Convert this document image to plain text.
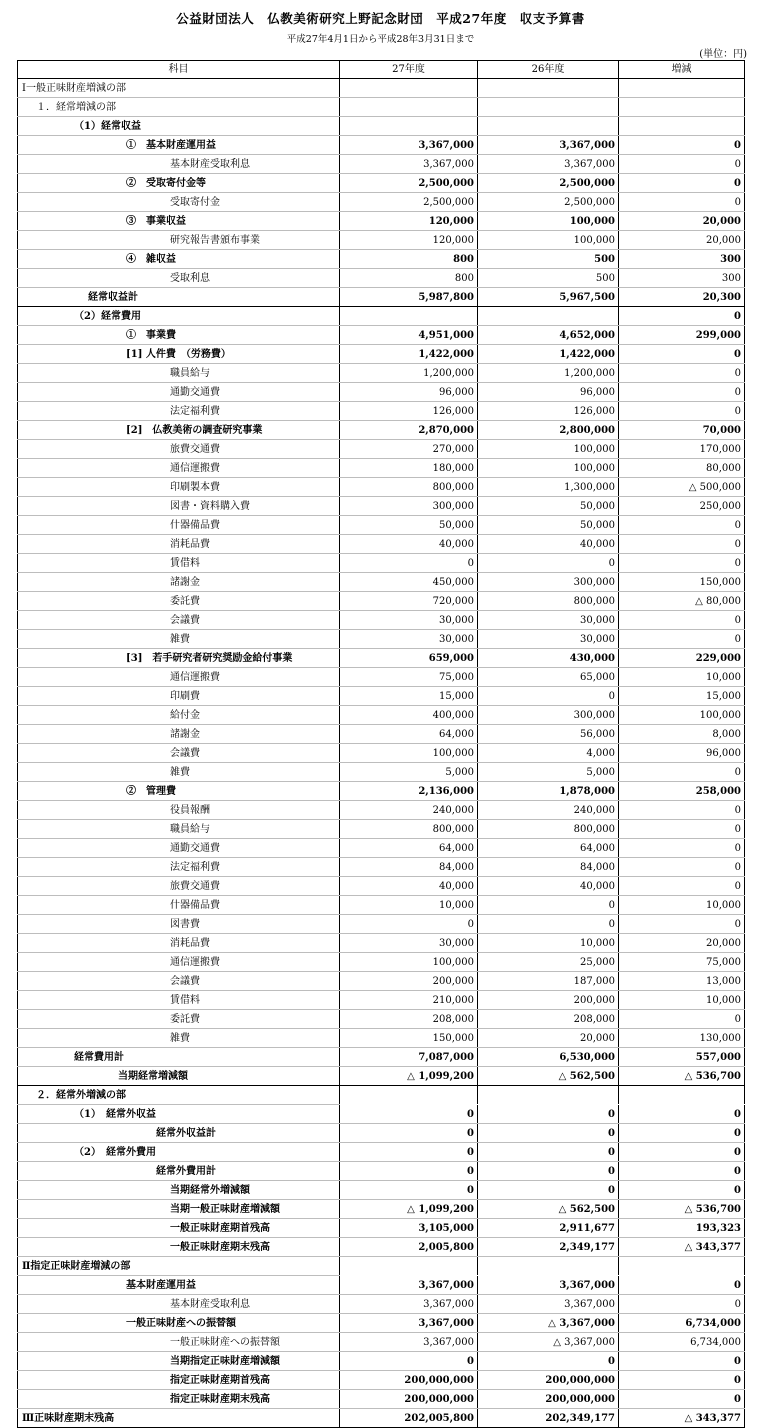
公益財団法人　仏教美術研究上野記念財団　平成27年度　収支予算書
平成27年4月1日から平成28年3月31日まで
(単位：円)
科目	27年度	26年度	増減
Ⅰ一般正味財産増減の部			
１．経常増減の部			
（1）経常収益			
①　基本財産運用益	3,367,000	3,367,000	0
基本財産受取利息	3,367,000	3,367,000	0
②　受取寄付金等	2,500,000	2,500,000	0
受取寄付金	2,500,000	2,500,000	0
③　事業収益	120,000	100,000	20,000
研究報告書頒布事業	120,000	100,000	20,000
④　雑収益	800	500	300
受取利息	800	500	300
経常収益計	5,987,800	5,967,500	20,300
（2）経常費用			0
①　事業費	4,951,000	4,652,000	299,000
[1] 人件費　（労務費）	1,422,000	1,422,000	0
職員給与	1,200,000	1,200,000	0
通勤交通費	96,000	96,000	0
法定福利費	126,000	126,000	0
[2]　仏教美術の調査研究事業	2,870,000	2,800,000	70,000
旅費交通費	270,000	100,000	170,000
通信運搬費	180,000	100,000	80,000
印刷製本費	800,000	1,300,000	△ 500,000
図書・資料購入費	300,000	50,000	250,000
什器備品費	50,000	50,000	0
消耗品費	40,000	40,000	0
賃借料	0	0	0
諸謝金	450,000	300,000	150,000
委託費	720,000	800,000	△ 80,000
会議費	30,000	30,000	0
雑費	30,000	30,000	0
[3]　若手研究者研究奨励金給付事業	659,000	430,000	229,000
通信運搬費	75,000	65,000	10,000
印刷費	15,000	0	15,000
給付金	400,000	300,000	100,000
諸謝金	64,000	56,000	8,000
会議費	100,000	4,000	96,000
雑費	5,000	5,000	0
②　管理費	2,136,000	1,878,000	258,000
役員報酬	240,000	240,000	0
職員給与	800,000	800,000	0
通勤交通費	64,000	64,000	0
法定福利費	84,000	84,000	0
旅費交通費	40,000	40,000	0
什器備品費	10,000	0	10,000
図書費	0	0	0
消耗品費	30,000	10,000	20,000
通信運搬費	100,000	25,000	75,000
会議費	200,000	187,000	13,000
賃借料	210,000	200,000	10,000
委託費	208,000	208,000	0
雑費	150,000	20,000	130,000
経常費用計	7,087,000	6,530,000	557,000
当期経常増減額	△ 1,099,200	△ 562,500	△ 536,700
２．経常外増減の部			
（1）　経常外収益	0	0	0
経常外収益計	0	0	0
（2）　経常外費用	0	0	0
経常外費用計	0	0	0
当期経常外増減額	0	0	0
当期一般正味財産増減額	△ 1,099,200	△ 562,500	△ 536,700
一般正味財産期首残高	3,105,000	2,911,677	193,323
一般正味財産期末残高	2,005,800	2,349,177	△ 343,377
Ⅱ指定正味財産増減の部			
基本財産運用益	3,367,000	3,367,000	0
基本財産受取利息	3,367,000	3,367,000	0
一般正味財産への振替額	3,367,000	△ 3,367,000	6,734,000
一般正味財産への振替額	3,367,000	△ 3,367,000	6,734,000
当期指定正味財産増減額	0	0	0
指定正味財産期首残高	200,000,000	200,000,000	0
指定正味財産期末残高	200,000,000	200,000,000	0
Ⅲ正味財産期末残高	202,005,800	202,349,177	△ 343,377
